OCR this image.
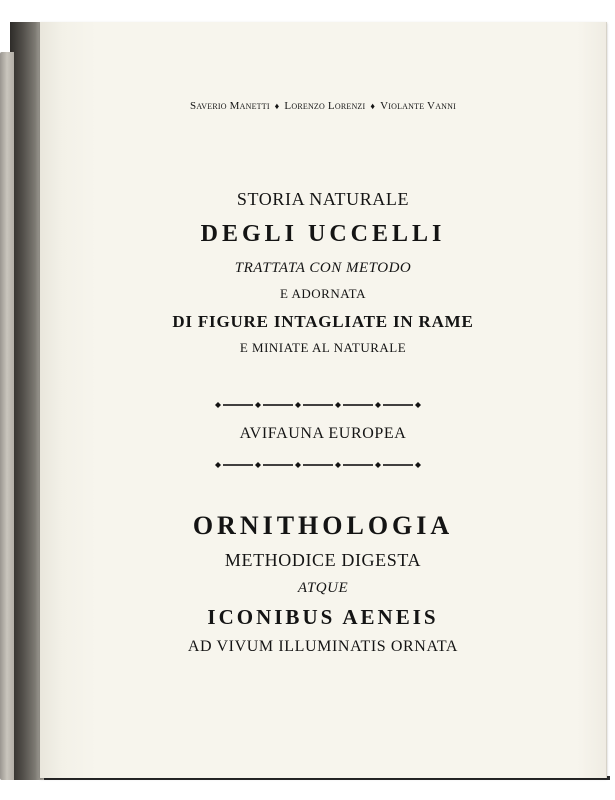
Saverio Manetti ♦ Lorenzo Lorenzi ♦ Violante Vanni
STORIA NATURALE
DEGLI UCCELLI
TRATTATA CON METODO
E ADORNATA
DI FIGURE INTAGLIATE IN RAME
E MINIATE AL NATURALE
AVIFAUNA EUROPEA
ORNITHOLOGIA
METHODICE DIGESTA
ATQUE
ICONIBUS AENEIS
AD VIVUM ILLUMINATIS ORNATA
